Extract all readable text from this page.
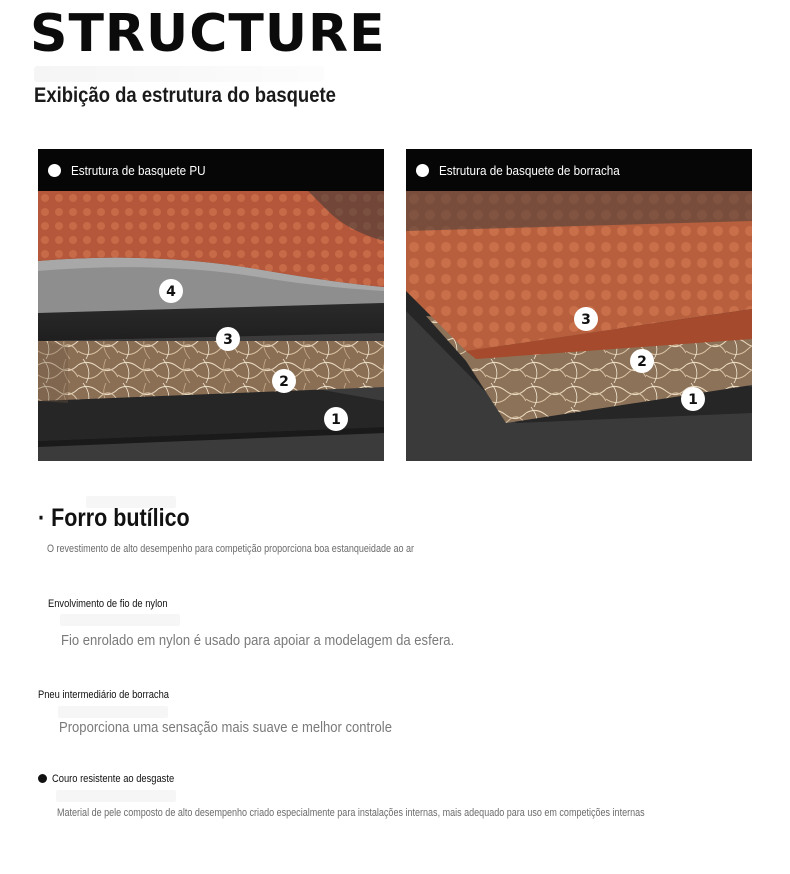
STRUCTURE
Exibição da estrutura do basquete
Estrutura de basquete PU
4
3
2
1
Estrutura de basquete de borracha
3
2
1
· Forro butílico
O revestimento de alto desempenho para competição proporciona boa estanqueidade ao ar
Envolvimento de fio de nylon
Fio enrolado em nylon é usado para apoiar a modelagem da esfera.
Pneu intermediário de borracha
Proporciona uma sensação mais suave e melhor controle
Couro resistente ao desgaste
Material de pele composto de alto desempenho criado especialmente para instalações internas, mais adequado para uso em competições internas
